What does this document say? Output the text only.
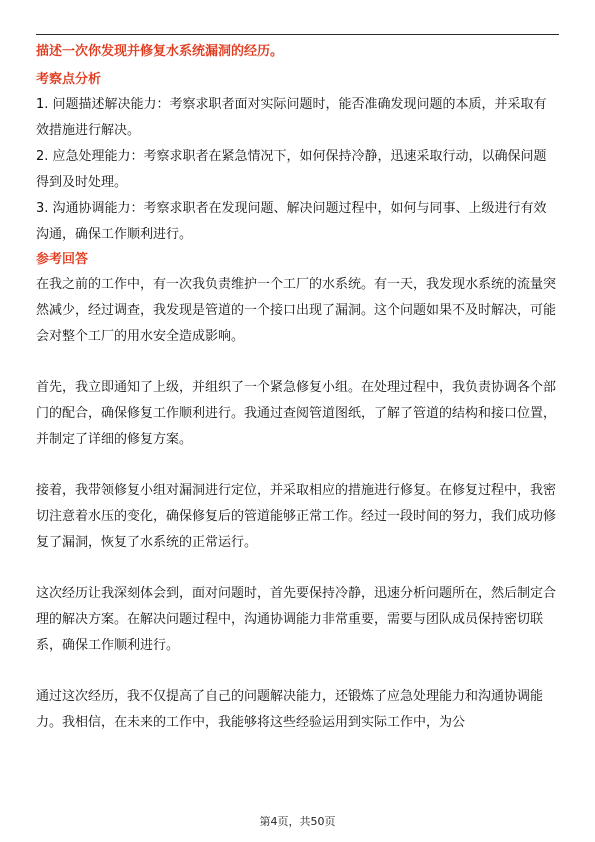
描述一次你发现并修复水系统漏洞的经历。

考察点分析

1. 问题描述解决能力：考察求职者面对实际问题时，能否准确发现问题的本质，并采取有效措施进行解决。

2. 应急处理能力：考察求职者在紧急情况下，如何保持冷静，迅速采取行动，以确保问题得到及时处理。

3. 沟通协调能力：考察求职者在发现问题、解决问题过程中，如何与同事、上级进行有效沟通，确保工作顺利进行。

参考回答

在我之前的工作中，有一次我负责维护一个工厂的水系统。有一天，我发现水系统的流量突然减少，经过调查，我发现是管道的一个接口出现了漏洞。这个问题如果不及时解决，可能会对整个工厂的用水安全造成影响。

首先，我立即通知了上级，并组织了一个紧急修复小组。在处理过程中，我负责协调各个部门的配合，确保修复工作顺利进行。我通过查阅管道图纸，了解了管道的结构和接口位置，并制定了详细的修复方案。

接着，我带领修复小组对漏洞进行定位，并采取相应的措施进行修复。在修复过程中，我密切注意着水压的变化，确保修复后的管道能够正常工作。经过一段时间的努力，我们成功修复了漏洞，恢复了水系统的正常运行。

这次经历让我深刻体会到，面对问题时，首先要保持冷静，迅速分析问题所在，然后制定合理的解决方案。在解决问题过程中，沟通协调能力非常重要，需要与团队成员保持密切联系，确保工作顺利进行。

通过这次经历，我不仅提高了自己的问题解决能力，还锻炼了应急处理能力和沟通协调能力。我相信，在未来的工作中，我能够将这些经验运用到实际工作中，为公

第4页，共50页
